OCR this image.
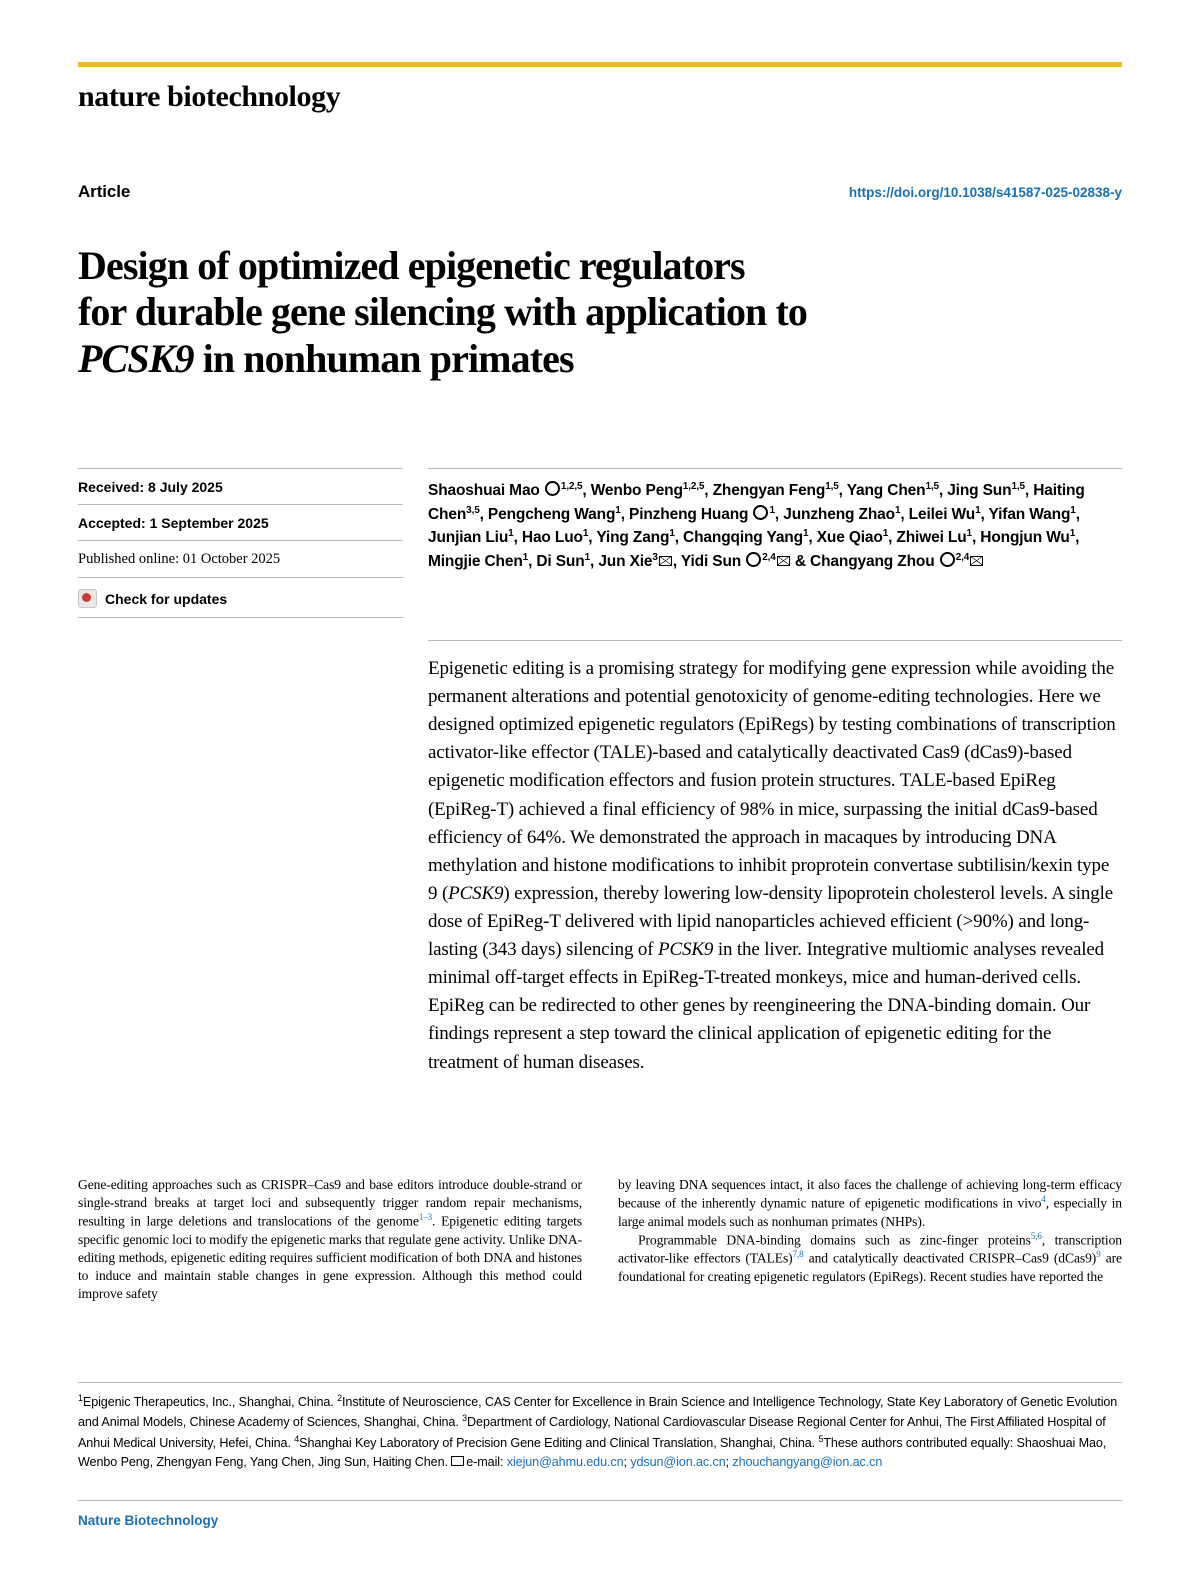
nature biotechnology
Article	https://doi.org/10.1038/s41587-025-02838-y
Design of optimized epigenetic regulators
for durable gene silencing with application to
PCSK9 in nonhuman primates
Received: 8 July 2025
Accepted: 1 September 2025
Published online: 01 October 2025
Check for updates
Shaoshuai Mao $^{1,2,5}$, Wenbo Peng$^{1,2,5}$, Zhengyan Feng$^{1,5}$, Yang Chen$^{1,5}$, Jing Sun$^{1,5}$, Haiting Chen$^{3,5}$, Pengcheng Wang$^1$, Pinzheng Huang $^1$, Junzheng Zhao$^1$, Leilei Wu$^1$, Yifan Wang$^1$, Junjian Liu$^1$, Hao Luo$^1$, Ying Zang$^1$, Changqing Yang$^1$, Xue Qiao$^1$, Zhiwei Lu$^1$, Hongjun Wu$^1$, Mingjie Chen$^1$, Di Sun$^1$, Jun Xie$^3$ , Yidi Sun $^{2,4}$ & Changyang Zhou $^{2,4}$
Epigenetic editing is a promising strategy for modifying gene expression while avoiding the permanent alterations and potential genotoxicity of genome-editing technologies. Here we designed optimized epigenetic regulators (EpiRegs) by testing combinations of transcription activator-like effector (TALE)-based and catalytically deactivated Cas9 (dCas9)-based epigenetic modification effectors and fusion protein structures. TALE-based EpiReg (EpiReg-T) achieved a final efficiency of 98% in mice, surpassing the initial dCas9-based efficiency of 64%. We demonstrated the approach in macaques by introducing DNA methylation and histone modifications to inhibit proprotein convertase subtilisin/kexin type 9 (PCSK9) expression, thereby lowering low-density lipoprotein cholesterol levels. A single dose of EpiReg-T delivered with lipid nanoparticles achieved efficient (>90%) and long-lasting (343 days) silencing of PCSK9 in the liver. Integrative multiomic analyses revealed minimal off-target effects in EpiReg-T-treated monkeys, mice and human-derived cells. EpiReg can be redirected to other genes by reengineering the DNA-binding domain. Our findings represent a step toward the clinical application of epigenetic editing for the treatment of human diseases.

Gene-editing approaches such as CRISPR–Cas9 and base editors introduce double-strand or single-strand breaks at target loci and subsequently trigger random repair mechanisms, resulting in large deletions and translocations of the genome$^{1-3}$. Epigenetic editing targets specific genomic loci to modify the epigenetic marks that regulate gene activity. Unlike DNA-editing methods, epigenetic editing requires sufficient modification of both DNA and histones to induce and maintain stable changes in gene expression. Although this method could improve safety

by leaving DNA sequences intact, it also faces the challenge of achieving long-term efficacy because of the inherently dynamic nature of epigenetic modifications in vivo$^4$, especially in large animal models such as nonhuman primates (NHPs).
Programmable DNA-binding domains such as zinc-finger proteins$^{5,6}$, transcription activator-like effectors (TALEs)$^{7,8}$ and catalytically deactivated CRISPR–Cas9 (dCas9)$^9$ are foundational for creating epigenetic regulators (EpiRegs). Recent studies have reported the

$^1$Epigenic Therapeutics, Inc., Shanghai, China. $^2$Institute of Neuroscience, CAS Center for Excellence in Brain Science and Intelligence Technology, State Key Laboratory of Genetic Evolution and Animal Models, Chinese Academy of Sciences, Shanghai, China. $^3$Department of Cardiology, National Cardiovascular Disease Regional Center for Anhui, The First Affiliated Hospital of Anhui Medical University, Hefei, China. $^4$Shanghai Key Laboratory of Precision Gene Editing and Clinical Translation, Shanghai, China. $^5$These authors contributed equally: Shaoshuai Mao, Wenbo Peng, Zhengyan Feng, Yang Chen, Jing Sun, Haiting Chen. e-mail: xiejun@ahmu.edu.cn; ydsun@ion.ac.cn; zhouchangyang@ion.ac.cn
Nature Biotechnology
